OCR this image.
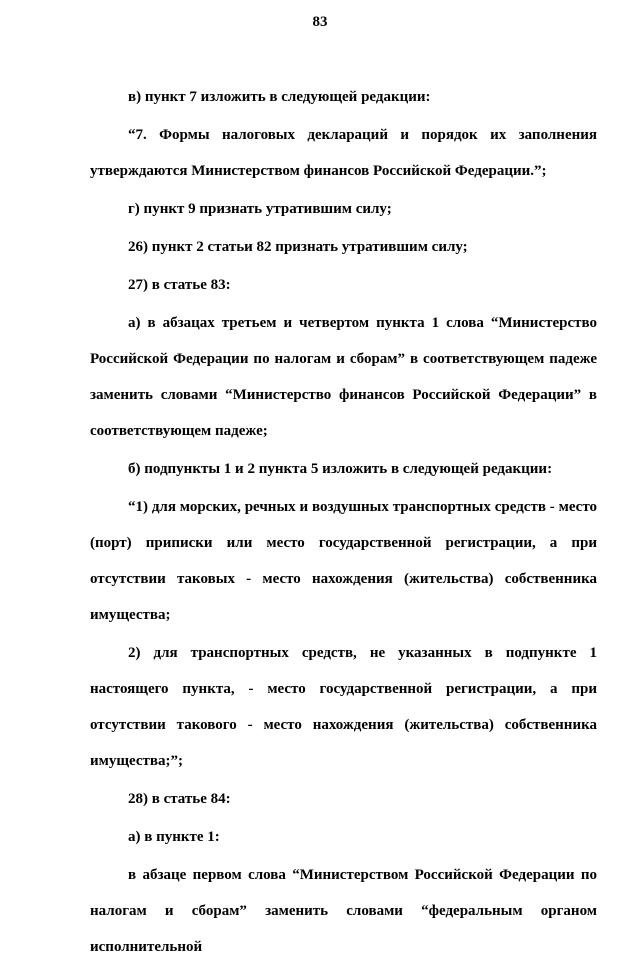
83

в) пункт 7 изложить в следующей редакции:

“7. Формы налоговых деклараций и порядок их заполнения утверждаются Министерством финансов Российской Федерации.”;

г) пункт 9 признать утратившим силу;

26) пункт 2 статьи 82 признать утратившим силу;

27) в статье 83:

а) в абзацах третьем и четвертом пункта 1 слова “Министерство Российской Федерации по налогам и сборам” в соответствующем падеже заменить словами “Министерство финансов Российской Федерации” в соответствующем падеже;

б) подпункты 1 и 2 пункта 5 изложить в следующей редакции:

“1) для морских, речных и воздушных транспортных средств - место (порт) приписки или место государственной регистрации, а при отсутствии таковых - место нахождения (жительства) собственника имущества;

2) для транспортных средств, не указанных в подпункте 1 настоящего пункта, - место государственной регистрации, а при отсутствии такового - место нахождения (жительства) собственника имущества;”;

28) в статье 84:

а) в пункте 1:

в абзаце первом слова “Министерством Российской Федерации по налогам и сборам” заменить словами “федеральным органом исполнительной
